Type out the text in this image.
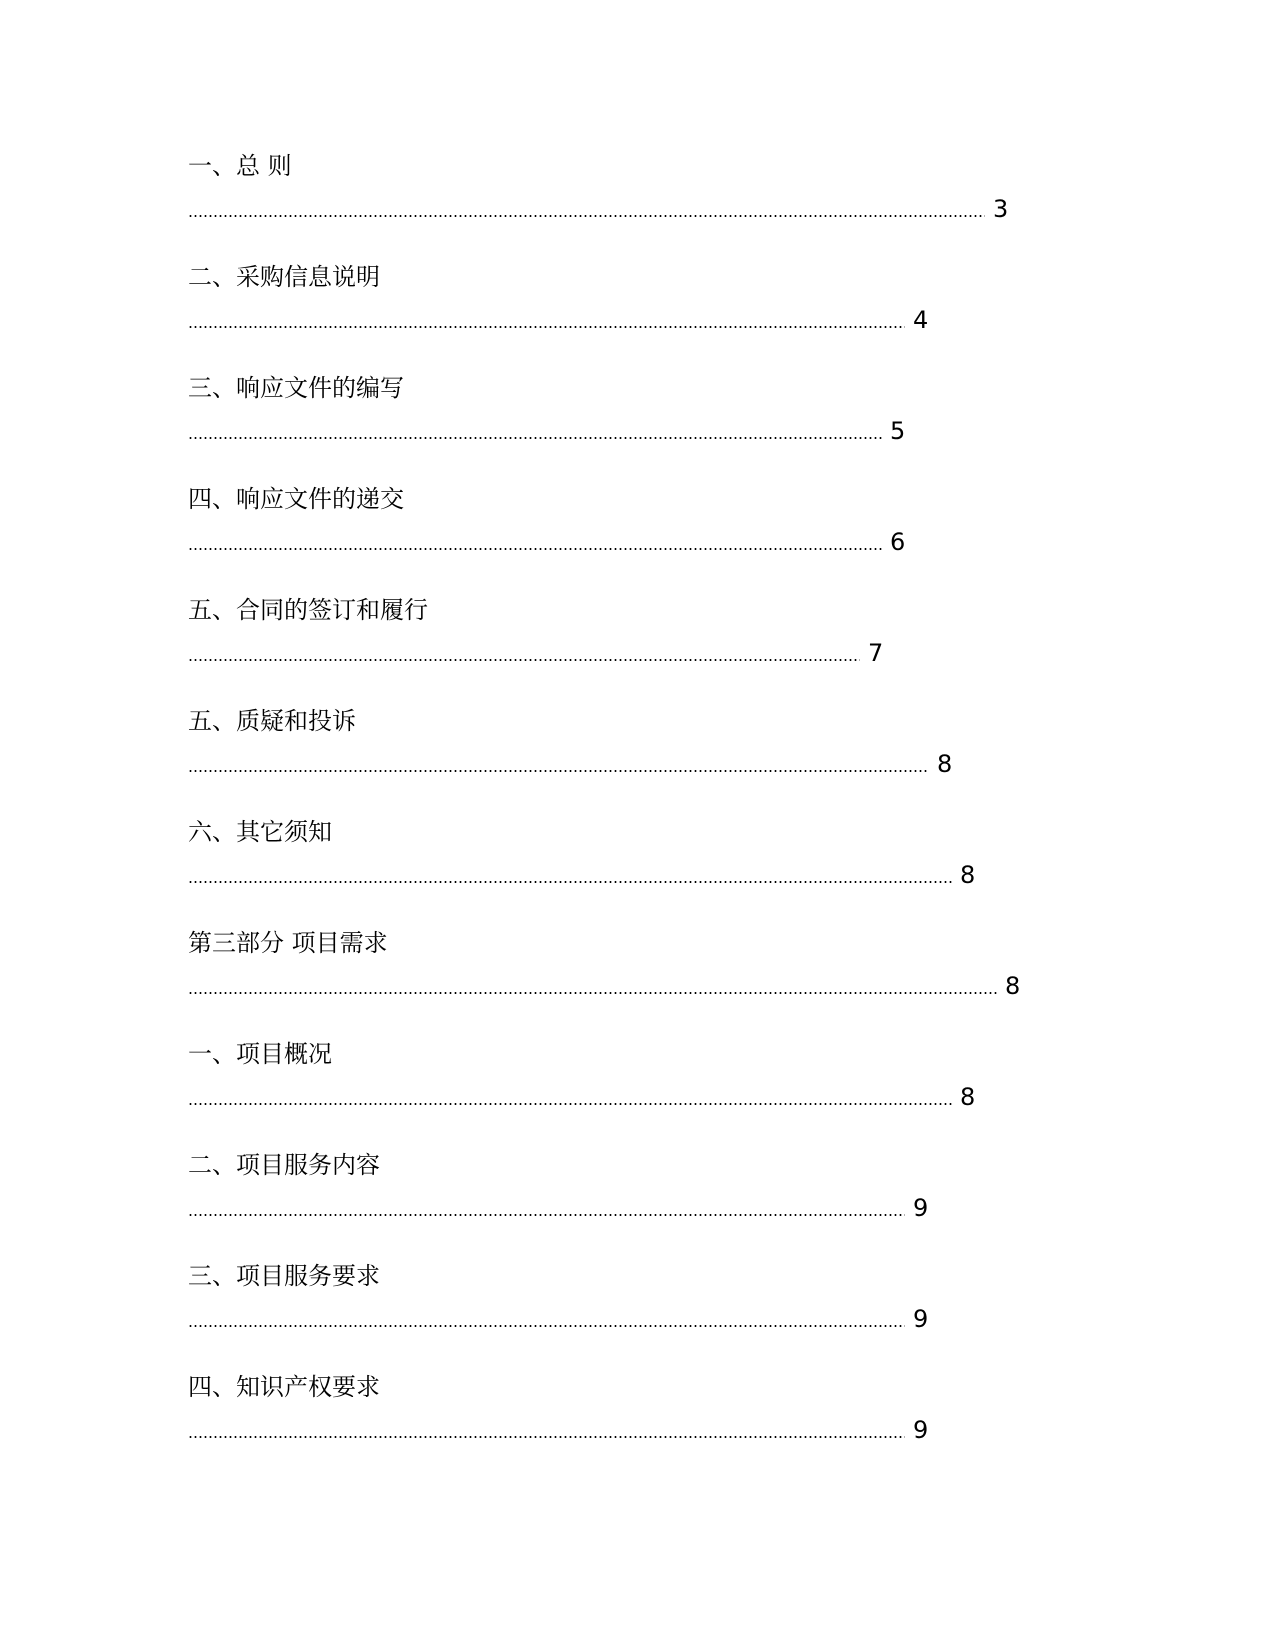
一、总 则
3
二、采购信息说明
4
三、响应文件的编写
5
四、响应文件的递交
6
五、合同的签订和履行
7
五、质疑和投诉
8
六、其它须知
8
第三部分 项目需求
8
一、项目概况
8
二、项目服务内容
9
三、项目服务要求
9
四、知识产权要求
9
